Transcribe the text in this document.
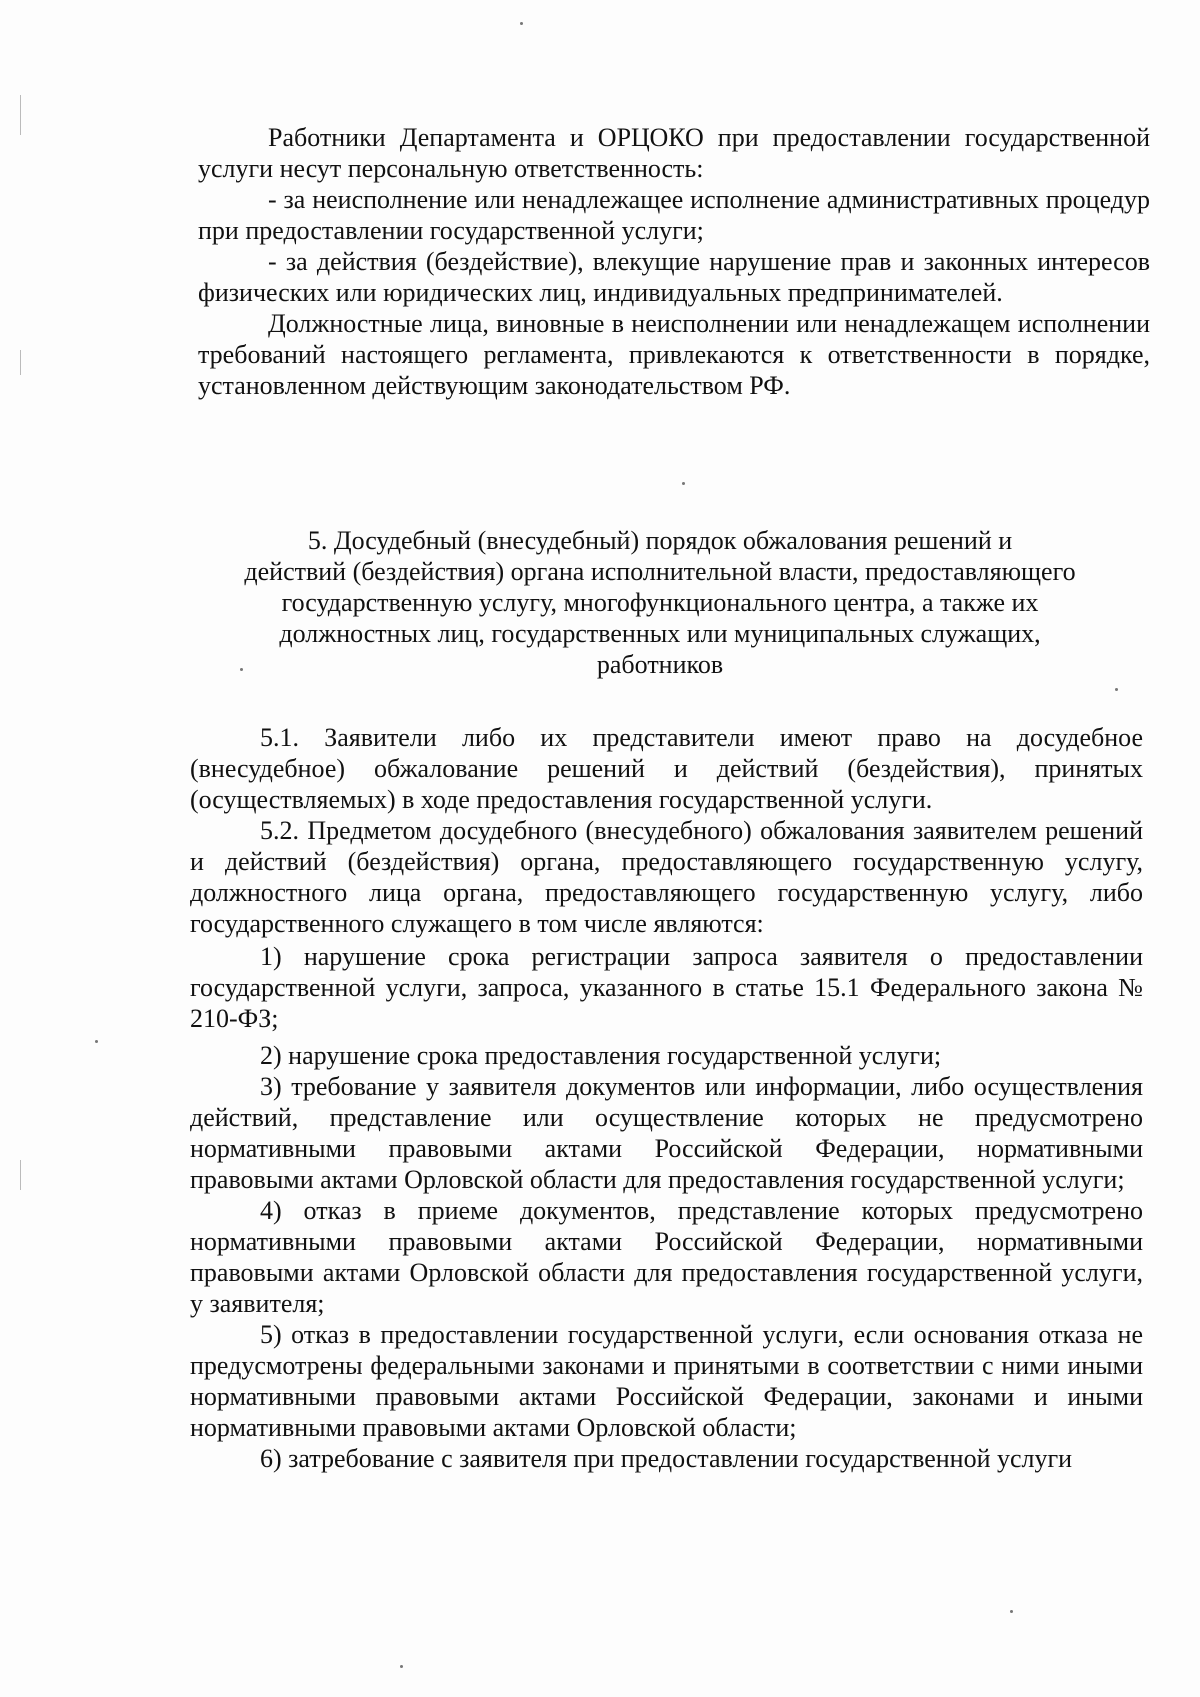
Работники Департамента и ОРЦОКО при предоставлении государственной услуги несут персональную ответственность:

- за неисполнение или ненадлежащее исполнение административных процедур при предоставлении государственной услуги;

- за действия (бездействие), влекущие нарушение прав и законных интересов физических или юридических лиц, индивидуальных предпринимателей.

Должностные лица, виновные в неисполнении или ненадлежащем исполнении требований настоящего регламента, привлекаются к ответственности в порядке, установленном действующим законодательством РФ.

5. Досудебный (внесудебный) порядок обжалования решений и
действий (бездействия) органа исполнительной власти, предоставляющего
государственную услугу, многофункционального центра, а также их
должностных лиц, государственных или муниципальных служащих,
работников

5.1. Заявители либо их представители имеют право на досудебное (внесудебное) обжалование решений и действий (бездействия), принятых (осуществляемых) в ходе предоставления государственной услуги.

5.2. Предметом досудебного (внесудебного) обжалования заявителем решений и действий (бездействия) органа, предоставляющего государственную услугу, должностного лица органа, предоставляющего государственную услугу, либо государственного служащего в том числе являются:

1) нарушение срока регистрации запроса заявителя о предоставлении государственной услуги, запроса, указанного в статье 15.1 Федерального закона № 210-ФЗ;

2) нарушение срока предоставления государственной услуги;

3) требование у заявителя документов или информации, либо осуществления действий, представление или осуществление которых не предусмотрено нормативными правовыми актами Российской Федерации, нормативными правовыми актами Орловской области для предоставления государственной услуги;

4) отказ в приеме документов, представление которых предусмотрено нормативными правовыми актами Российской Федерации, нормативными правовыми актами Орловской области для предоставления государственной услуги, у заявителя;

5) отказ в предоставлении государственной услуги, если основания отказа не предусмотрены федеральными законами и принятыми в соответствии с ними иными нормативными правовыми актами Российской Федерации, законами и иными нормативными правовыми актами Орловской области;

6) затребование с заявителя при предоставлении государственной услуги
